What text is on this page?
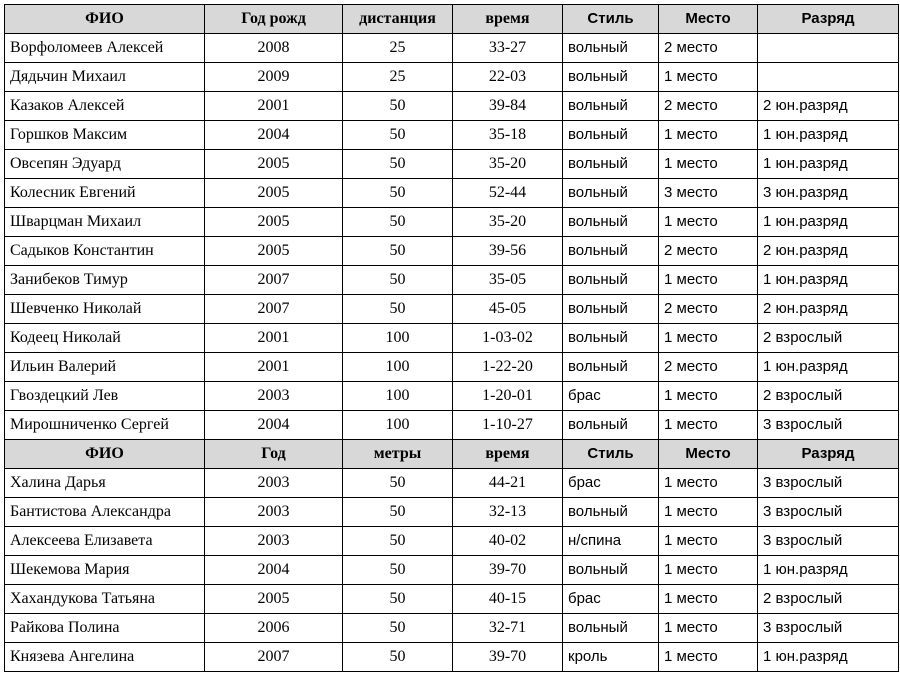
ФИО	Год рожд	дистанция	время	Стиль	Место	Разряд
Ворфоломеев Алексей	2008	25	33-27	вольный	2 место	
Дядьчин Михаил	2009	25	22-03	вольный	1 место	
Казаков Алексей	2001	50	39-84	вольный	2 место	2 юн.разряд
Горшков Максим	2004	50	35-18	вольный	1 место	1 юн.разряд
Овсепян Эдуард	2005	50	35-20	вольный	1 место	1 юн.разряд
Колесник Евгений	2005	50	52-44	вольный	3 место	3 юн.разряд
Шварцман Михаил	2005	50	35-20	вольный	1 место	1 юн.разряд
Садыков Константин	2005	50	39-56	вольный	2 место	2 юн.разряд
Занибеков Тимур	2007	50	35-05	вольный	1 место	1 юн.разряд
Шевченко Николай	2007	50	45-05	вольный	2 место	2 юн.разряд
Кодеец Николай	2001	100	1-03-02	вольный	1 место	2 взрослый
Ильин Валерий	2001	100	1-22-20	вольный	2 место	1 юн.разряд
Гвоздецкий Лев	2003	100	1-20-01	брас	1 место	2 взрослый
Мирошниченко Сергей	2004	100	1-10-27	вольный	1 место	3 взрослый
ФИО	Год	метры	время	Стиль	Место	Разряд
Халина Дарья	2003	50	44-21	брас	1 место	3 взрослый
Бантистова Александра	2003	50	32-13	вольный	1 место	3 взрослый
Алексеева Елизавета	2003	50	40-02	н/спина	1 место	3 взрослый
Шекемова Мария	2004	50	39-70	вольный	1 место	1 юн.разряд
Хахандукова Татьяна	2005	50	40-15	брас	1 место	2 взрослый
Райкова Полина	2006	50	32-71	вольный	1 место	3 взрослый
Князева Ангелина	2007	50	39-70	кроль	1 место	1 юн.разряд
